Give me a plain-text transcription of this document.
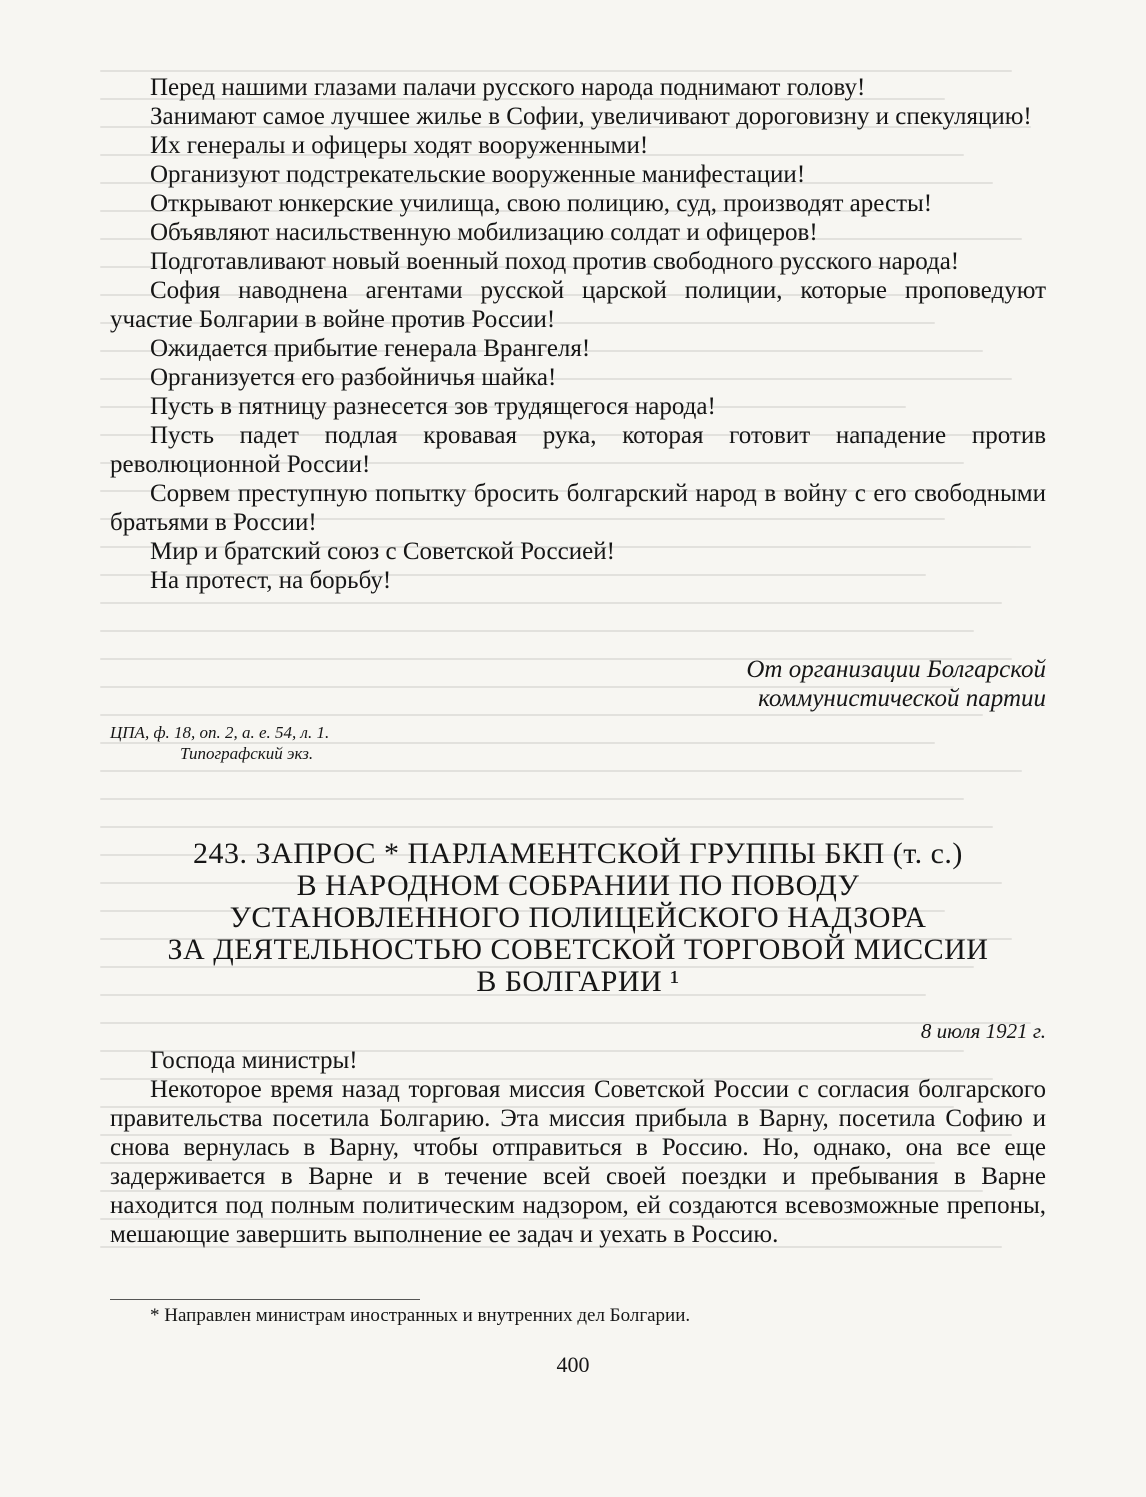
Перед нашими глазами палачи русского народа поднимают голову!

Занимают самое лучшее жилье в Софии, увеличивают дороговизну и спекуляцию!

Их генералы и офицеры ходят вооруженными!

Организуют подстрекательские вооруженные манифестации!

Открывают юнкерские училища, свою полицию, суд, производят аресты!

Объявляют насильственную мобилизацию солдат и офицеров!

Подготавливают новый военный поход против свободного русского народа!

София наводнена агентами русской царской полиции, которые проповедуют участие Болгарии в войне против России!

Ожидается прибытие генерала Врангеля!

Организуется его разбойничья шайка!

Пусть в пятницу разнесется зов трудящегося народа!

Пусть падет подлая кровавая рука, которая готовит нападение против революционной России!

Сорвем преступную попытку бросить болгарский народ в войну с его свободными братьями в России!

Мир и братский союз с Советской Россией!

На протест, на борьбу!

От организации Болгарской
коммунистической партии
ЦПА, ф. 18, оп. 2, а. е. 54, л. 1.
Типографский экз.
243. ЗАПРОС * ПАРЛАМЕНТСКОЙ ГРУППЫ БКП (т. с.)
В НАРОДНОМ СОБРАНИИ ПО ПОВОДУ
УСТАНОВЛЕННОГО ПОЛИЦЕЙСКОГО НАДЗОРА
ЗА ДЕЯТЕЛЬНОСТЬЮ СОВЕТСКОЙ ТОРГОВОЙ МИССИИ
В БОЛГАРИИ ¹
8 июля 1921 г.

Господа министры!

Некоторое время назад торговая миссия Советской России с согласия болгарского правительства посетила Болгарию. Эта миссия прибыла в Варну, посетила Софию и снова вернулась в Варну, чтобы отправиться в Россию. Но, однако, она все еще задерживается в Варне и в течение всей своей поездки и пребывания в Варне находится под полным политическим надзором, ей создаются всевозможные препоны, мешающие завершить выполнение ее задач и уехать в Россию.

* Направлен министрам иностранных и внутренних дел Болгарии.
400
